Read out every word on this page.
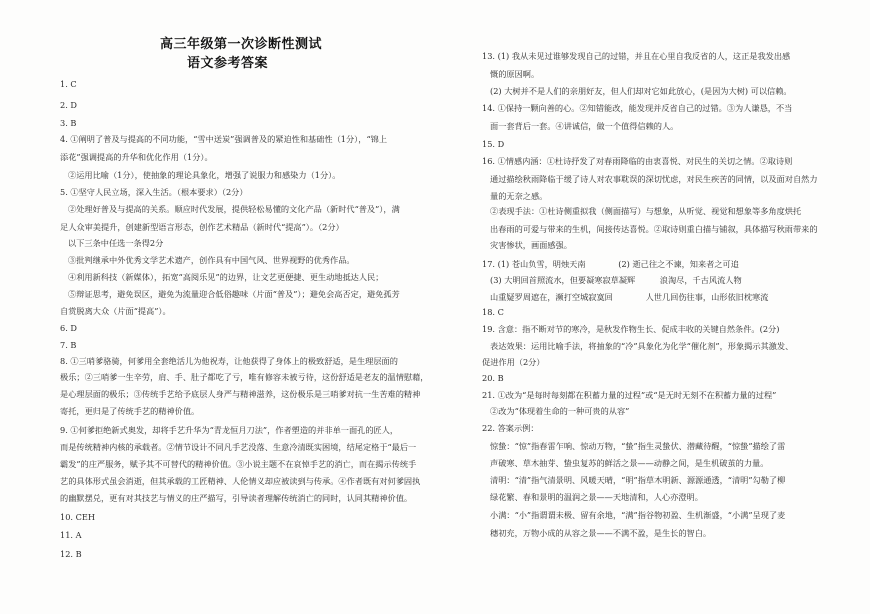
高三年级第一次诊断性测试
语文参考答案
1. C
2. D
3. B
4. ①阐明了普及与提高的不同功能，“雪中送炭”强调普及的紧迫性和基础性（1分），“锦上
添花”强调提高的升华和优化作用（1分）。
②运用比喻（1分），使抽象的理论具象化，增强了说服力和感染力（1分）。
5. ①坚守人民立场，深入生活。（根本要求）（2分）
②处理好普及与提高的关系。顺应时代发展，提供轻松易懂的文化产品（新时代“普及”），满
足人众审美提升，创建新型语言形态，创作艺术精品（新时代“提高”）。（2分）
以下三条中任选一条得2分
③批判继承中外优秀文学艺术遗产，创作具有中国气风、世界视野的优秀作品。
④利用新科技（新媒体），拓宽“高阅乐见”的边界，让文艺更便捷、更生动地抵达人民；
⑤辩证思考，避免误区，避免为流量迎合低俗趣味（片面“普及”）；避免会高否定，避免孤芳
自赏脱离大众（片面“提高”）。
6. D
7. B
8. ①三哨爹骆骑，何爹用全套绝活儿为他祝寿，让他获得了身体上的极致舒适，是生理层面的
极乐；②三哨爹一生辛劳，肩、手、肚子都吃了亏，唯有修容未被亏待，这份舒适是老友的温情慰藉，
是心理层面的极乐；③传统手艺给予底层人身严与精神滋养，这份极乐是三哨爹对抗一生苦难的精神
寄托，更归是了传统手艺的精神价值。
9. ①何爹拒绝新式奥发，却将手艺升华为“青龙恒月刀法”，作者塑造的并非单一面孔的匠人，
而是传统精神内核的承载者。②情节设计不同凡手艺没落、生意冷清既实困境，结尾定格于“最后一
霸发”的庄严服务，赋予其不可替代的精神价值。③小说主题不在哀悼手艺的消亡，而在揭示传统手
艺的具体形式虽会消逝，但其承载的工匠精神、人伦情义却应被读到与传承。④作者既有对何爹固执
的幽默摆兑，更有对其技艺与情义的庄严描写，引导读者理解传统消亡的同时，认同其精神价值。
10. CEH
11. A
12. B
13. (1) 我从未见过谁够发现自己的过错，并且在心里自我反省的人，这正是我发出感
慨的原因啊。
(2) 大树并不是人们的亲朋好友，但人们却对它如此放心，(是因为大树) 可以信赖。
14. ①保持一颗向善的心。②知错能改，能发现并反省自己的过错。③为人谦恳，不当
面一套背后一套。④讲诚信，做一个值得信赖的人。
15. D
16. ①情感内涵：①杜诗抒发了对春雨降临的由衷喜悦、对民生的关切之情。②取诗则
通过描绘秋雨降临于缓了诗人对农事耽误的深切忧虑，对民生疾苦的同情，以及面对自然力
量的无奈之感。
②表现手法：①杜诗侧重拟我（侧面描写）与想象，从听觉、视觉和想象等多角度烘托
出春雨的可爱与带来的生机，间接传达喜悦。②取诗则重白描与铺叙，具体描写秋雨带来的
灾害惨状，画面感强。
17. (1) 苍山负雪，明烛天南　　　　(2) 逝己往之不谏，知来者之可追
(3) 大明回首照流水，但要凝寒寂草凝辉　　　浪淘尽，千古风流人物
山重疑罗周遮在，濒打空城寂寞回　　　　人世几回伤往事，山形依旧枕寒流
18. C
19. 含意：指不断对节的寒冷，是秋发作物生长、促成丰收的关键自然条件。(2分)
表达效果：运用比喻手法，将抽象的“冷”具象化为化学“催化剂”，形象揭示其激发、
促进作用（2分）
20. B
21. ①改为“是每时每刻都在积蓄力量的过程”或“是无时无刻不在积蓄力量的过程”
②改为“体现着生命的一种可贵的从容”
22. 答案示例：
惊蛰：“惊”指春雷乍响、惊动万物，“蛰”指生灵蛰伏、潜藏待醒，“惊蛰”描绘了雷
声破寒、草木抽芽、蛰虫复苏的鲜活之景——动静之间，是生机破茧的力量。
清明：“清”指气清景明、风暖天晴，“明”指草木明新、源源通透，“清明”勾勒了柳
绿花繁、春和景明的温润之景——天地清和，人心亦澄明。
小满：“小”指谓谓未极、留有余地，“满”指谷物初盈、生机渐盛，“小满”呈现了麦
穗初充，万物小成的从容之景——不满不盈，是生长的智白。
